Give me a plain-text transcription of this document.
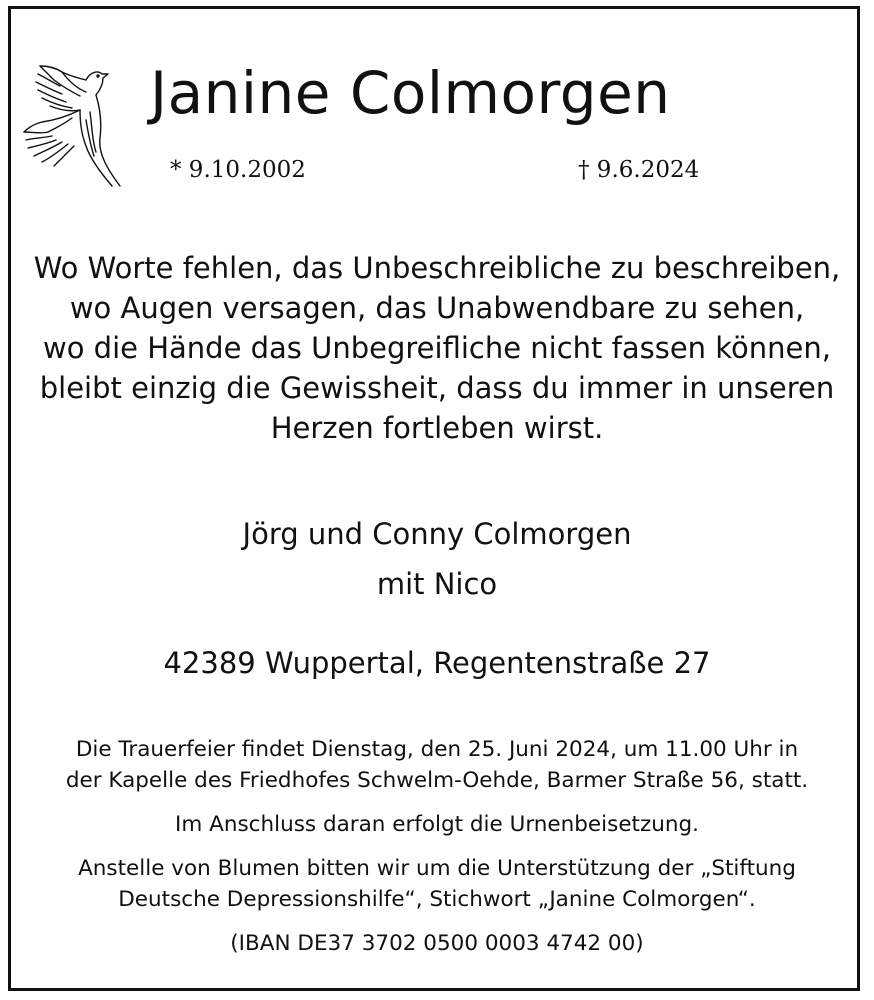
Janine Colmorgen
* 9.10.2002	† 9.6.2024
Wo Worte fehlen, das Unbeschreibliche zu beschreiben,
wo Augen versagen, das Unabwendbare zu sehen,
wo die Hände das Unbegreifliche nicht fassen können,
bleibt einzig die Gewissheit, dass du immer in unseren
Herzen fortleben wirst.
Jörg und Conny Colmorgen
mit Nico
42389 Wuppertal, Regentenstraße 27
Die Trauerfeier findet Dienstag, den 25. Juni 2024, um 11.00 Uhr in
der Kapelle des Friedhofes Schwelm-Oehde, Barmer Straße 56, statt.
Im Anschluss daran erfolgt die Urnenbeisetzung.
Anstelle von Blumen bitten wir um die Unterstützung der „Stiftung
Deutsche Depressionshilfe“, Stichwort „Janine Colmorgen“.
(IBAN DE37 3702 0500 0003 4742 00)
